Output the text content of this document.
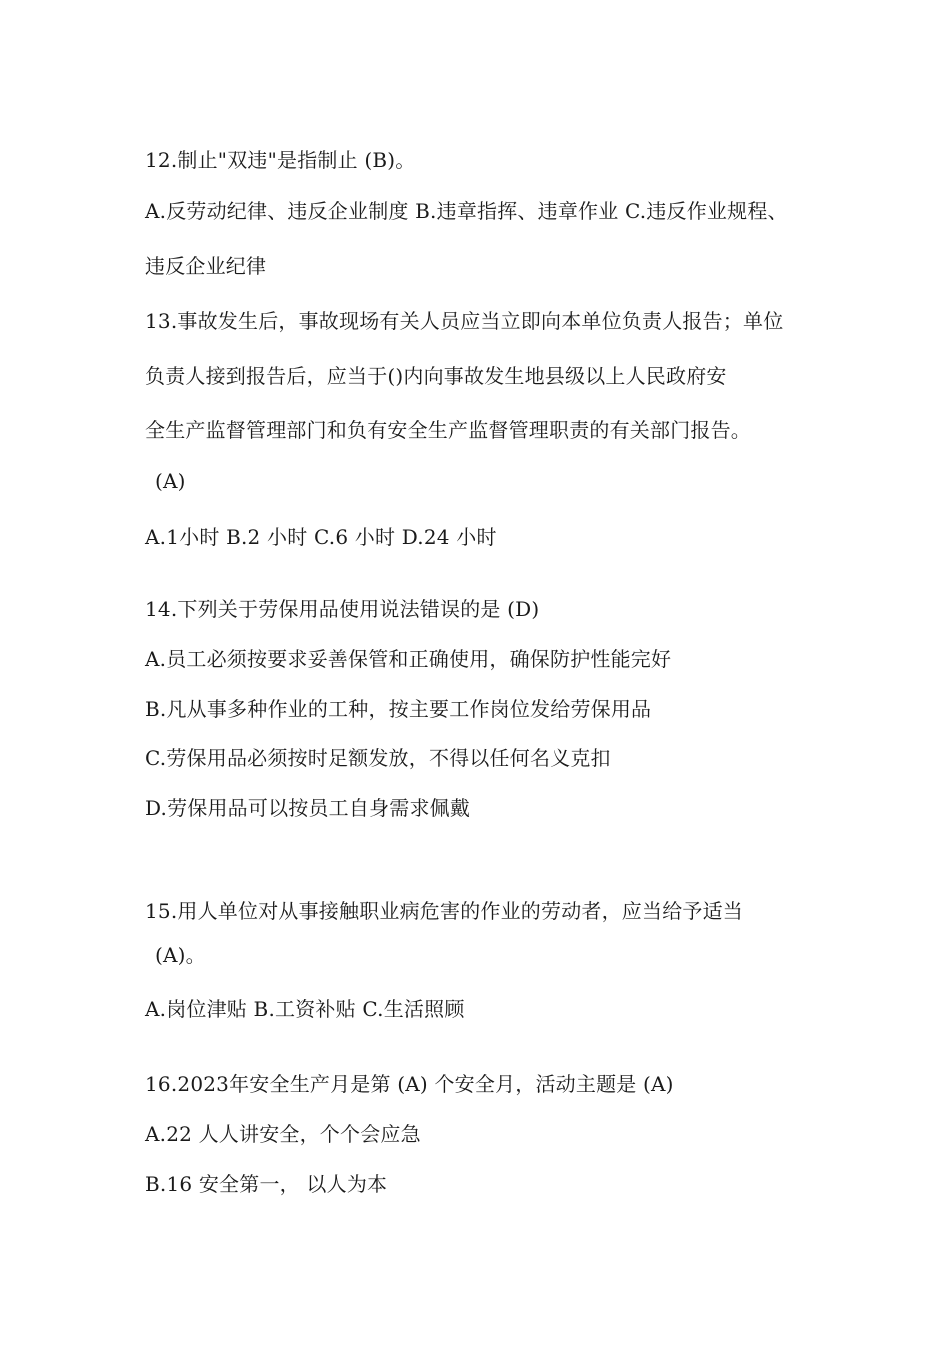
12.制止"双违"是指制止 (B)。
A.反劳动纪律、违反企业制度 B.违章指挥、违章作业 C.违反作业规程、
违反企业纪律
13.事故发生后，事故现场有关人员应当立即向本单位负责人报告；单位
负责人接到报告后，应当于()内向事故发生地县级以上人民政府安
全生产监督管理部门和负有安全生产监督管理职责的有关部门报告。
(A)
A.1小时 B.2 小时 C.6 小时 D.24 小时
14.下列关于劳保用品使用说法错误的是 (D)
A.员工必须按要求妥善保管和正确使用，确保防护性能完好
B.凡从事多种作业的工种，按主要工作岗位发给劳保用品
C.劳保用品必须按时足额发放，不得以任何名义克扣
D.劳保用品可以按员工自身需求佩戴
15.用人单位对从事接触职业病危害的作业的劳动者，应当给予适当
(A)。
A.岗位津贴 B.工资补贴 C.生活照顾
16.2023年安全生产月是第 (A) 个安全月，活动主题是 (A)
A.22 人人讲安全，个个会应急
B.16 安全第一， 以人为本
